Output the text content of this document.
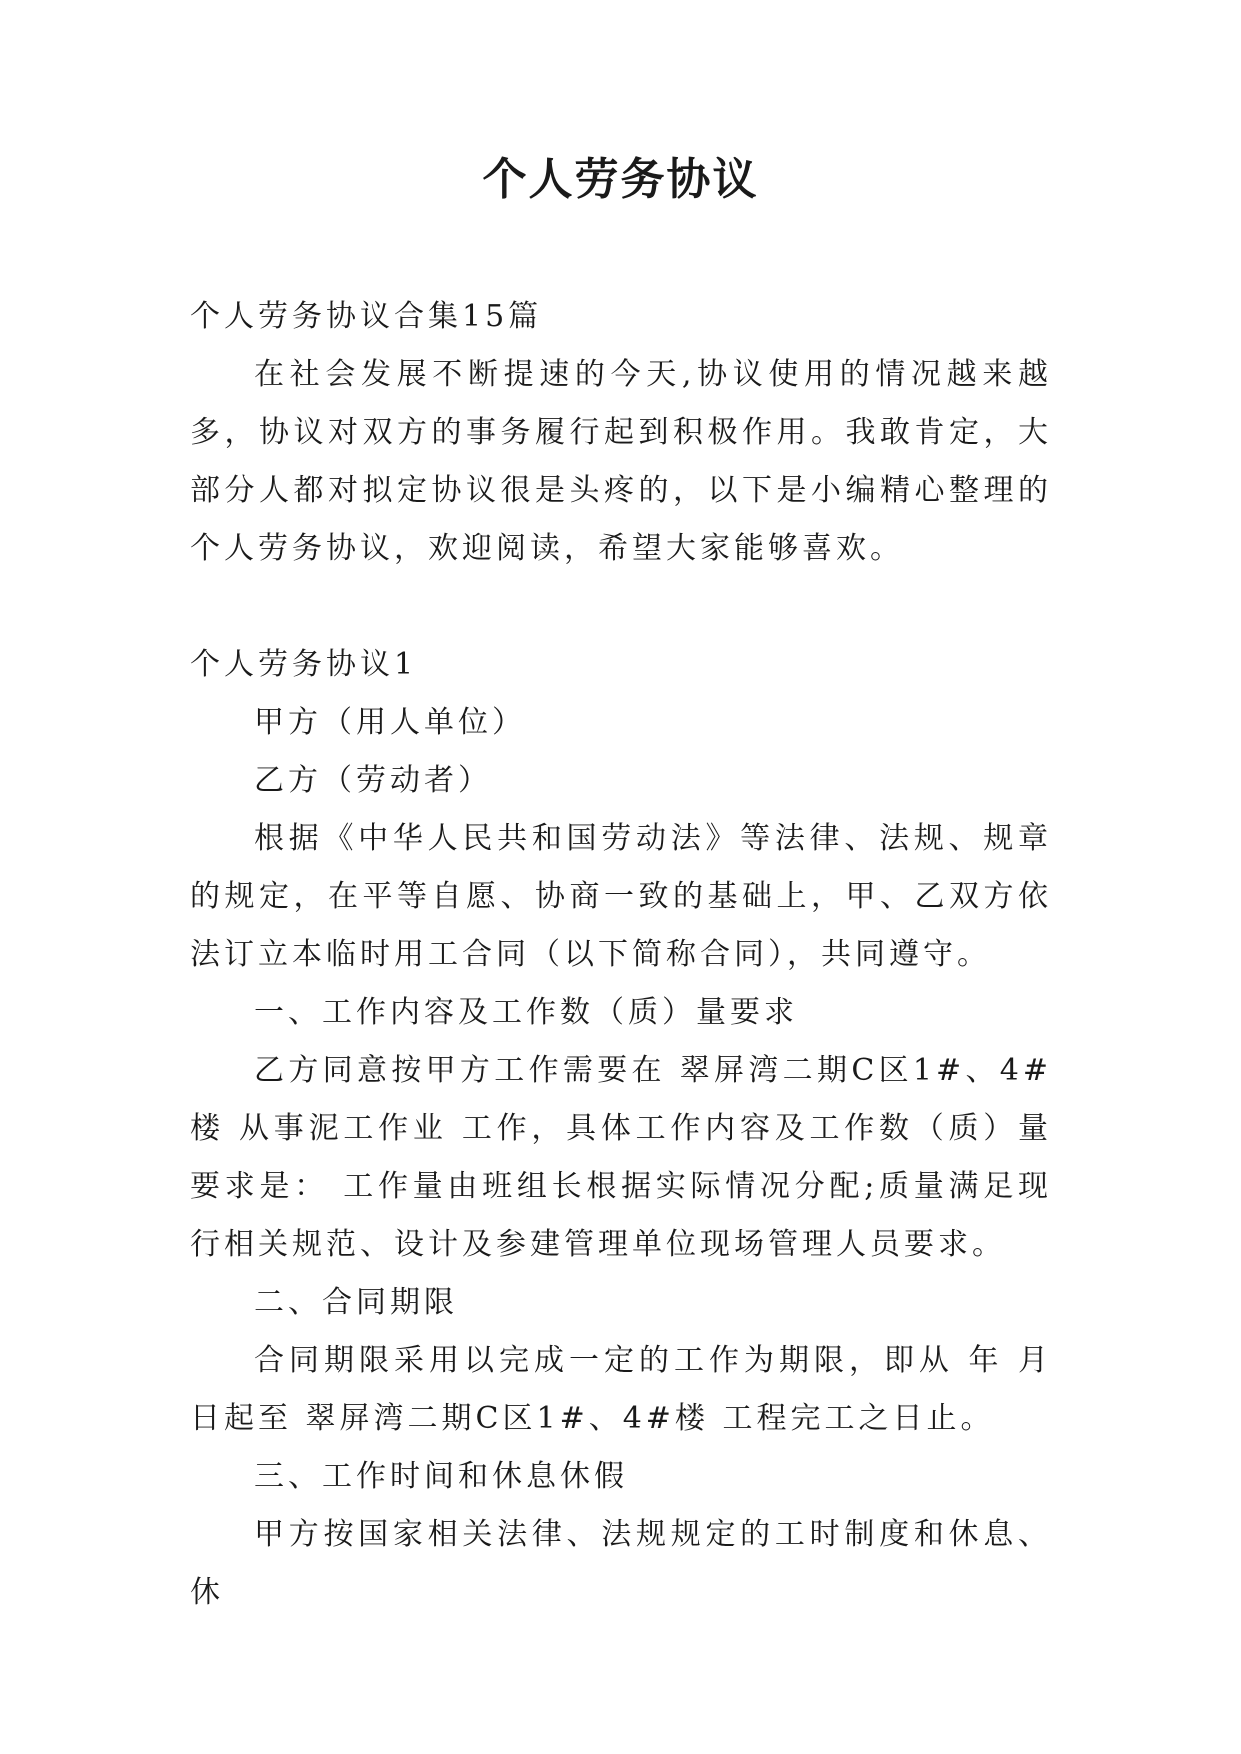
个人劳务协议

个人劳务协议合集15篇

在社会发展不断提速的今天,协议使用的情况越来越多，协议对双方的事务履行起到积极作用。我敢肯定，大部分人都对拟定协议很是头疼的，以下是小编精心整理的个人劳务协议，欢迎阅读，希望大家能够喜欢。

个人劳务协议1

甲方（用人单位）

乙方（劳动者）

根据《中华人民共和国劳动法》等法律、法规、规章的规定，在平等自愿、协商一致的基础上，甲、乙双方依法订立本临时用工合同（以下简称合同），共同遵守。

一、工作内容及工作数（质）量要求

乙方同意按甲方工作需要在 翠屏湾二期C区1#、4#楼 从事泥工作业 工作，具体工作内容及工作数（质）量要求是： 工作量由班组长根据实际情况分配;质量满足现行相关规范、设计及参建管理单位现场管理人员要求。

二、合同期限

合同期限采用以完成一定的工作为期限，即从 年 月 日起至 翠屏湾二期C区1#、4#楼 工程完工之日止。

三、工作时间和休息休假

甲方按国家相关法律、法规规定的工时制度和休息、休
